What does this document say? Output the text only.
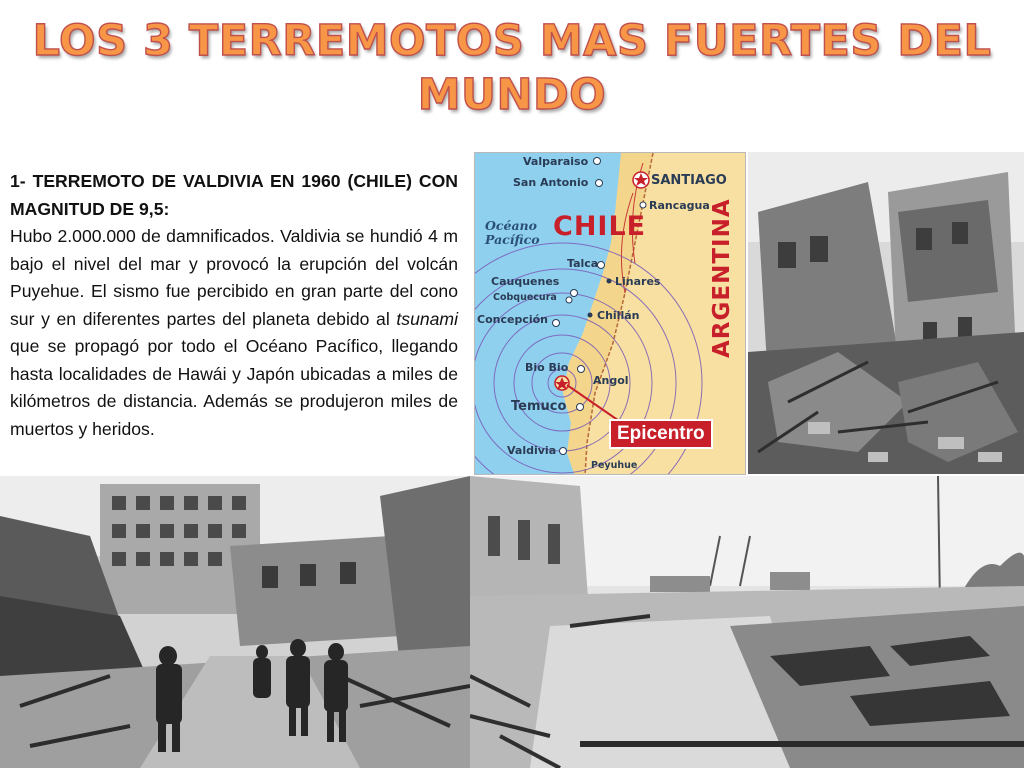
LOS 3 TERREMOTOS MAS FUERTES DEL
MUNDO
1- TERREMOTO DE VALDIVIA EN 1960 (CHILE) CON MAGNITUD DE 9,5:
Hubo 2.000.000 de damnificados. Valdivia se hundió 4 m bajo el nivel del mar y provocó la erupción del volcán Puyehue. El sismo fue percibido en gran parte del cono sur y en diferentes partes del planeta debido al tsunami que se propagó por todo el Océano Pacífico, llegando hasta localidades de Hawái y Japón ubicadas a miles de kilómetros de distancia. Además se produjeron miles de muertos y heridos.
Valparaiso
San Antonio	SANTIAGO
Rancagua
Océano
Pacífico CHILE	ARGENTINA
Talca
Linares
Cauquenes
Cobquecura
Chillán
Concepción
Bio Bio
Angol
Temuco
Valdivia
Peyuhue
Epicentro
